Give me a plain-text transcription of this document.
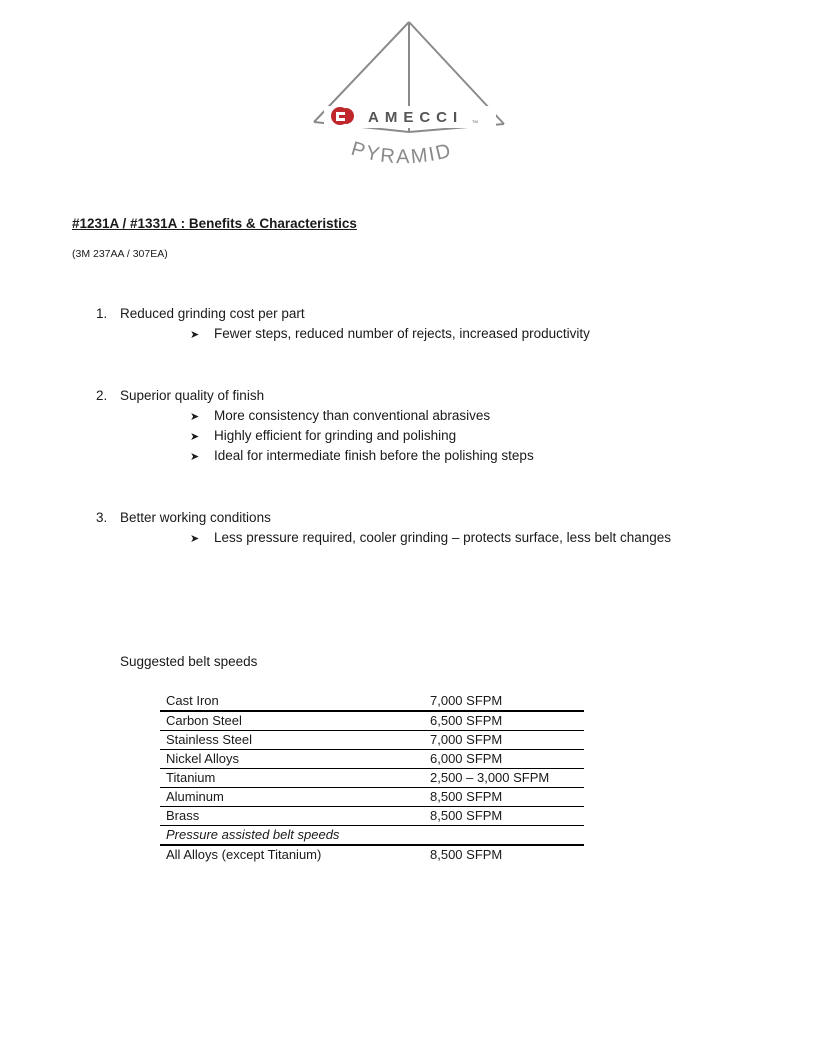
AMECCI TM
PYRAMID
#1231A / #1331A : Benefits & Characteristics
(3M 237AA / 307EA)
1. Reduced grinding cost per part
➤ Fewer steps, reduced number of rejects, increased productivity
2. Superior quality of finish
➤ More consistency than conventional abrasives
➤ Highly efficient for grinding and polishing
➤ Ideal for intermediate finish before the polishing steps
3. Better working conditions
➤ Less pressure required, cooler grinding – protects surface, less belt changes
Suggested belt speeds
Cast Iron	7,000 SFPM
Carbon Steel	6,500 SFPM
Stainless Steel	7,000 SFPM
Nickel Alloys	6,000 SFPM
Titanium	2,500 – 3,000 SFPM
Aluminum	8,500 SFPM
Brass	8,500 SFPM
Pressure assisted belt speeds	
All Alloys (except Titanium)	8,500 SFPM
